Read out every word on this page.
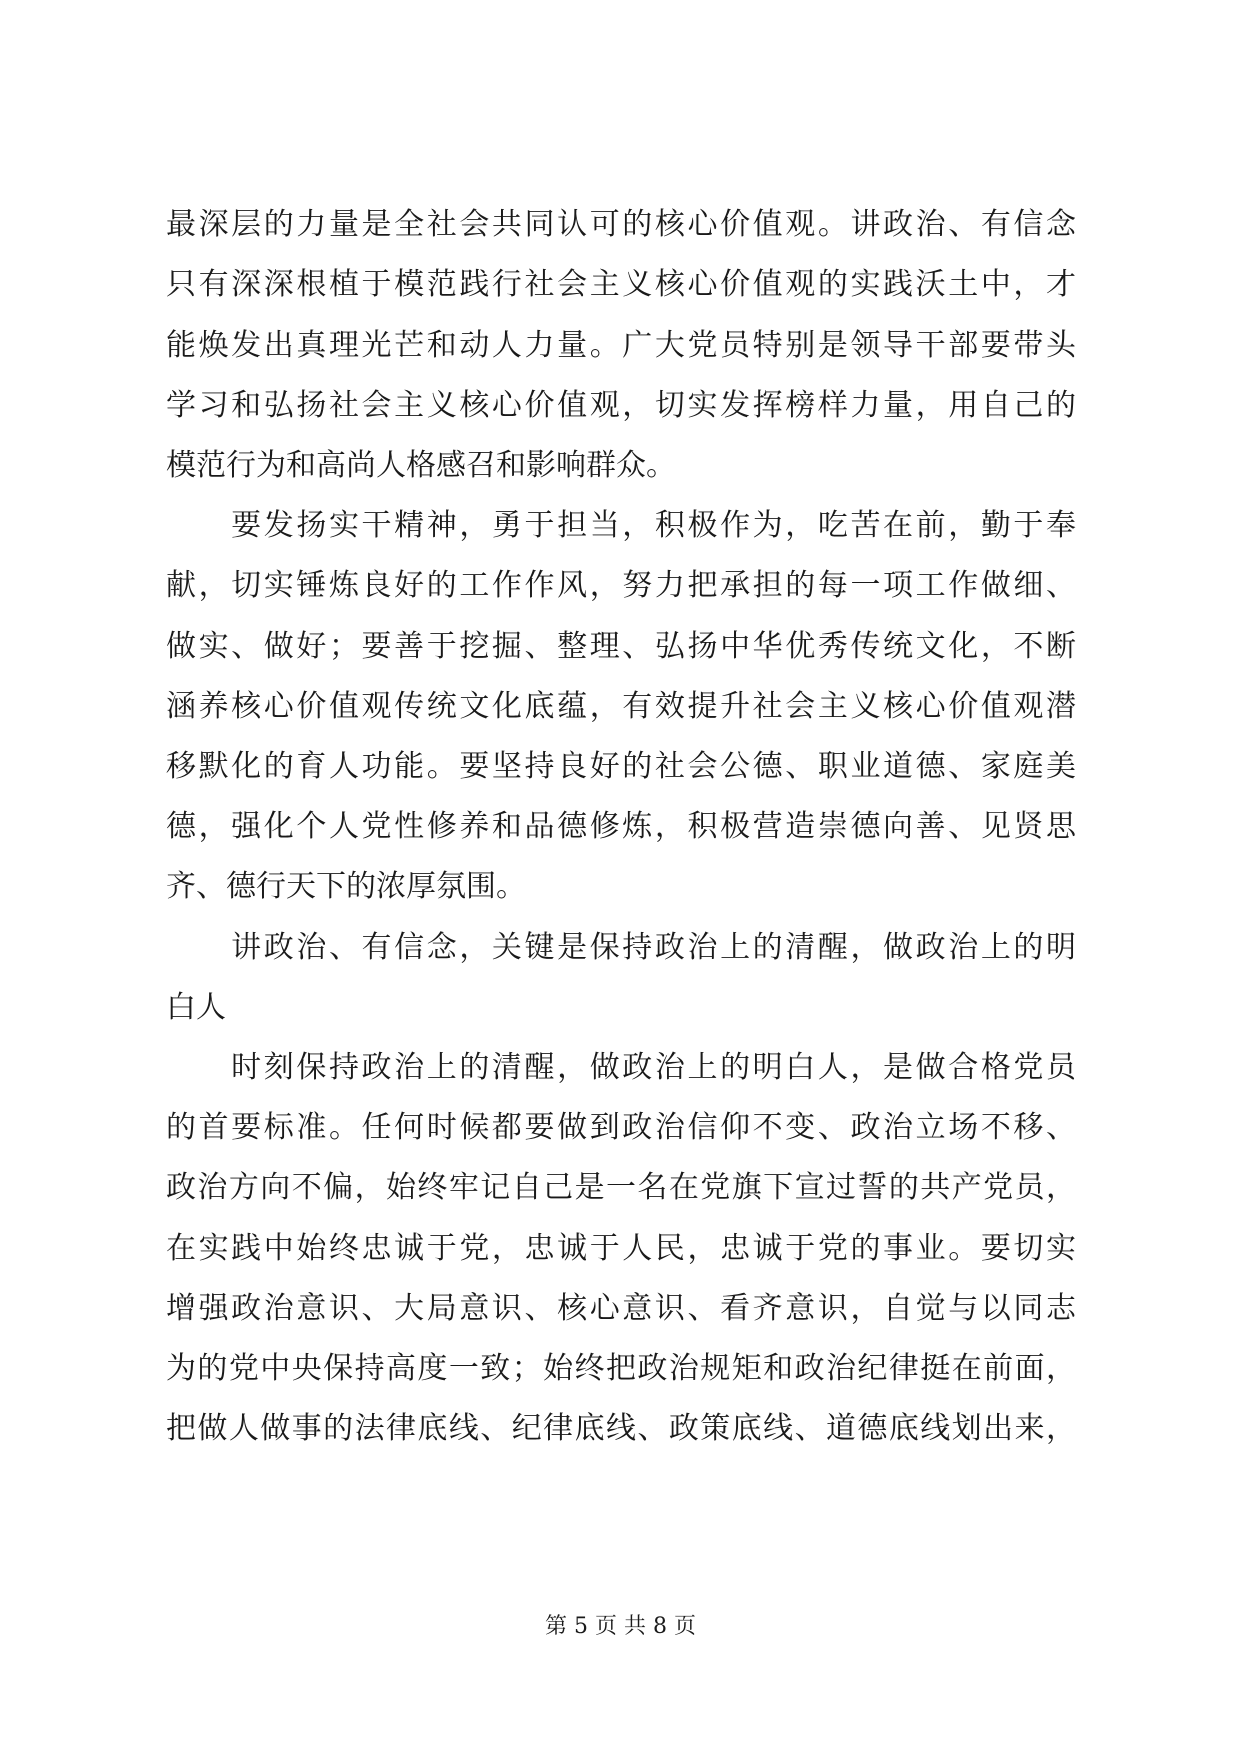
最深层的力量是全社会共同认可的核心价值观。讲政治、有信念
只有深深根植于模范践行社会主义核心价值观的实践沃土中，才
能焕发出真理光芒和动人力量。广大党员特别是领导干部要带头
学习和弘扬社会主义核心价值观，切实发挥榜样力量，用自己的
模范行为和高尚人格感召和影响群众。
　　要发扬实干精神，勇于担当，积极作为，吃苦在前，勤于奉
献，切实锤炼良好的工作作风，努力把承担的每一项工作做细、
做实、做好；要善于挖掘、整理、弘扬中华优秀传统文化，不断
涵养核心价值观传统文化底蕴，有效提升社会主义核心价值观潜
移默化的育人功能。要坚持良好的社会公德、职业道德、家庭美
德，强化个人党性修养和品德修炼，积极营造崇德向善、见贤思
齐、德行天下的浓厚氛围。
　　讲政治、有信念，关键是保持政治上的清醒，做政治上的明
白人
　　时刻保持政治上的清醒，做政治上的明白人，是做合格党员
的首要标准。任何时候都要做到政治信仰不变、政治立场不移、
政治方向不偏，始终牢记自己是一名在党旗下宣过誓的共产党员，
在实践中始终忠诚于党，忠诚于人民，忠诚于党的事业。要切实
增强政治意识、大局意识、核心意识、看齐意识，自觉与以同志
为的党中央保持高度一致；始终把政治规矩和政治纪律挺在前面，
把做人做事的法律底线、纪律底线、政策底线、道德底线划出来，
第 5 页 共 8 页
